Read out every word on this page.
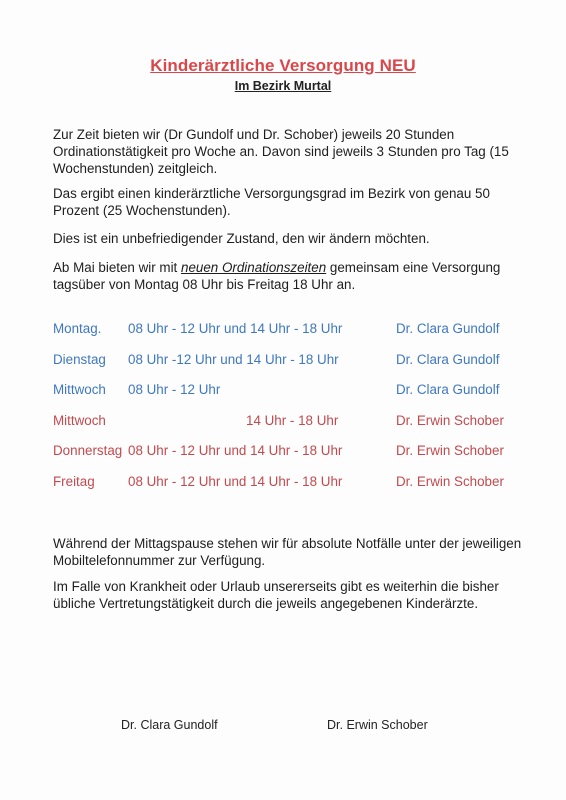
Kinderärztliche Versorgung NEU
Im Bezirk Murtal

Zur Zeit bieten wir (Dr Gundolf und Dr. Schober) jeweils 20 Stunden Ordinationstätigkeit pro Woche an. Davon sind jeweils 3 Stunden pro Tag (15 Wochenstunden) zeitgleich.

Das ergibt einen kinderärztliche Versorgungsgrad im Bezirk von genau 50 Prozent (25 Wochenstunden).

Dies ist ein unbefriedigender Zustand, den wir ändern möchten.

Ab Mai bieten wir mit neuen Ordinationszeiten gemeinsam eine Versorgung tagsüber von Montag 08 Uhr bis Freitag 18 Uhr an.

Montag. 08 Uhr - 12 Uhr und 14 Uhr - 18 Uhr	Dr. Clara Gundolf
Dienstag 08 Uhr -12 Uhr und 14 Uhr - 18 Uhr	Dr. Clara Gundolf
Mittwoch 08 Uhr - 12 Uhr	Dr. Clara Gundolf
Mittwoch	14 Uhr - 18 Uhr	Dr. Erwin Schober
Donnerstag 08 Uhr - 12 Uhr und 14 Uhr - 18 Uhr	Dr. Erwin Schober
Freitag 08 Uhr - 12 Uhr und 14 Uhr - 18 Uhr	Dr. Erwin Schober

Während der Mittagspause stehen wir für absolute Notfälle unter der jeweiligen Mobiltelefonnummer zur Verfügung.

Im Falle von Krankheit oder Urlaub unsererseits gibt es weiterhin die bisher übliche Vertretungstätigkeit durch die jeweils angegebenen Kinderärzte.

Dr. Clara Gundolf	Dr. Erwin Schober
